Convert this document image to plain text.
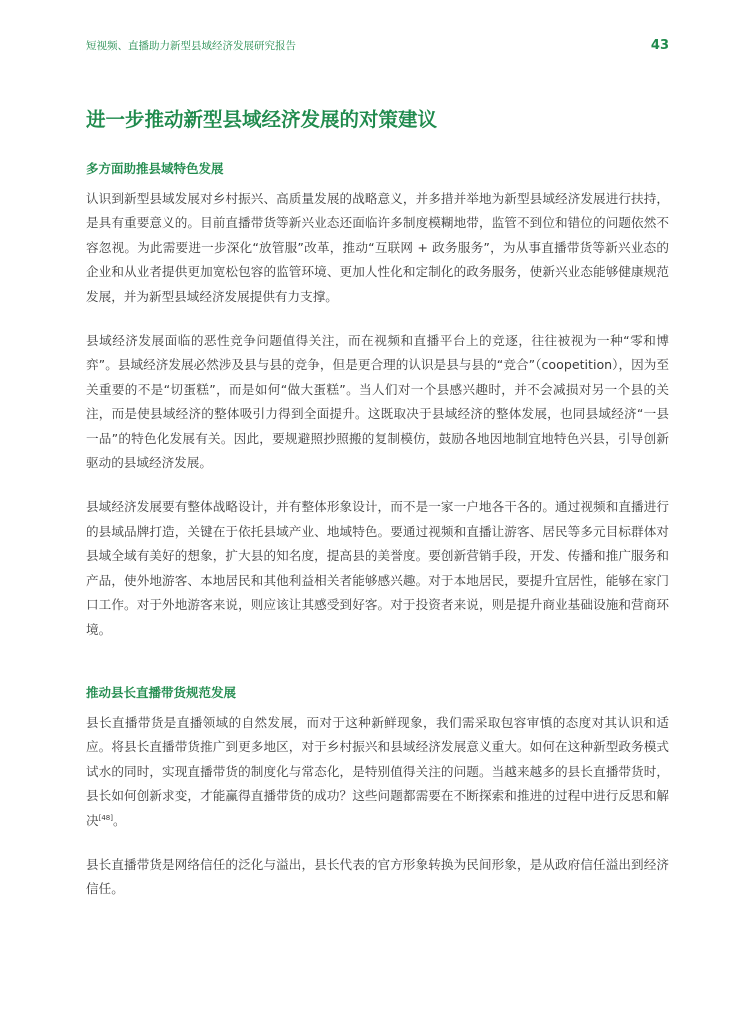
短视频、直播助力新型县域经济发展研究报告	43
进一步推动新型县域经济发展的对策建议
多方面助推县域特色发展

认识到新型县域发展对乡村振兴、高质量发展的战略意义，并多措并举地为新型县域经济发展进行扶持，是具有重要意义的。目前直播带货等新兴业态还面临许多制度模糊地带，监管不到位和错位的问题依然不容忽视。为此需要进一步深化“放管服”改革，推动“互联网 + 政务服务”，为从事直播带货等新兴业态的企业和从业者提供更加宽松包容的监管环境、更加人性化和定制化的政务服务，使新兴业态能够健康规范发展，并为新型县域经济发展提供有力支撑。

县域经济发展面临的恶性竞争问题值得关注，而在视频和直播平台上的竞逐，往往被视为一种“零和博弈”。县域经济发展必然涉及县与县的竞争，但是更合理的认识是县与县的“竞合”（coopetition），因为至关重要的不是“切蛋糕”，而是如何“做大蛋糕”。当人们对一个县感兴趣时，并不会减损对另一个县的关注，而是使县域经济的整体吸引力得到全面提升。这既取决于县域经济的整体发展，也同县域经济“一县一品”的特色化发展有关。因此，要规避照抄照搬的复制模仿，鼓励各地因地制宜地特色兴县，引导创新驱动的县域经济发展。

县域经济发展要有整体战略设计，并有整体形象设计，而不是一家一户地各干各的。通过视频和直播进行的县域品牌打造，关键在于依托县域产业、地域特色。要通过视频和直播让游客、居民等多元目标群体对县域全域有美好的想象，扩大县的知名度，提高县的美誉度。要创新营销手段，开发、传播和推广服务和产品，使外地游客、本地居民和其他利益相关者能够感兴趣。对于本地居民，要提升宜居性，能够在家门口工作。对于外地游客来说，则应该让其感受到好客。对于投资者来说，则是提升商业基础设施和营商环境。

推动县长直播带货规范发展

县长直播带货是直播领域的自然发展，而对于这种新鲜现象，我们需采取包容审慎的态度对其认识和适应。将县长直播带货推广到更多地区，对于乡村振兴和县域经济发展意义重大。如何在这种新型政务模式试水的同时，实现直播带货的制度化与常态化，是特别值得关注的问题。当越来越多的县长直播带货时，县长如何创新求变，才能赢得直播带货的成功？这些问题都需要在不断探索和推进的过程中进行反思和解决[48]。

县长直播带货是网络信任的泛化与溢出，县长代表的官方形象转换为民间形象，是从政府信任溢出到经济信任。
